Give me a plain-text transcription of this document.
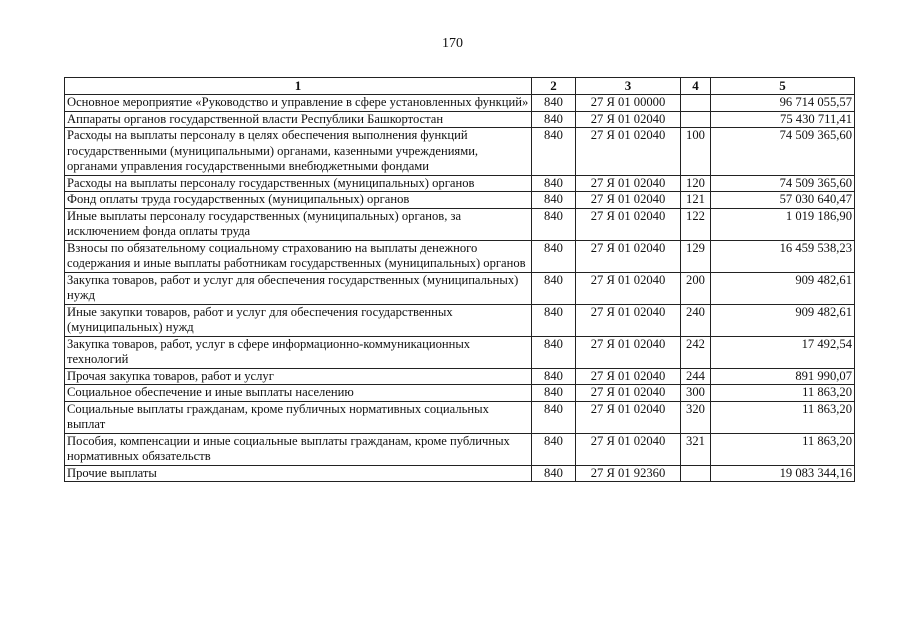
170
1	2	3	4	5
Основное мероприятие «Руководство и управление в сфере установленных функций»	840	27 Я 01 00000		96 714 055,57
Аппараты органов государственной власти Республики Башкортостан	840	27 Я 01 02040		75 430 711,41
Расходы на выплаты персоналу в целях обеспечения выполнения функций государственными (муниципальными) органами, казенными учреждениями, органами управления государственными внебюджетными фондами	840	27 Я 01 02040	100	74 509 365,60
Расходы на выплаты персоналу государственных (муниципальных) органов	840	27 Я 01 02040	120	74 509 365,60
Фонд оплаты труда государственных (муниципальных) органов	840	27 Я 01 02040	121	57 030 640,47
Иные выплаты персоналу государственных (муниципальных) органов, за исключением фонда оплаты труда	840	27 Я 01 02040	122	1 019 186,90
Взносы по обязательному социальному страхованию на выплаты денежного содержания и иные выплаты работникам государственных (муниципальных) органов	840	27 Я 01 02040	129	16 459 538,23
Закупка товаров, работ и услуг для обеспечения государственных (муниципальных) нужд	840	27 Я 01 02040	200	909 482,61
Иные закупки товаров, работ и услуг для обеспечения государственных (муниципальных) нужд	840	27 Я 01 02040	240	909 482,61
Закупка товаров, работ, услуг в сфере информационно-коммуникационных технологий	840	27 Я 01 02040	242	17 492,54
Прочая закупка товаров, работ и услуг	840	27 Я 01 02040	244	891 990,07
Социальное обеспечение и иные выплаты населению	840	27 Я 01 02040	300	11 863,20
Социальные выплаты гражданам, кроме публичных нормативных социальных выплат	840	27 Я 01 02040	320	11 863,20
Пособия, компенсации и иные социальные выплаты гражданам, кроме публичных нормативных обязательств	840	27 Я 01 02040	321	11 863,20
Прочие выплаты	840	27 Я 01 92360		19 083 344,16
